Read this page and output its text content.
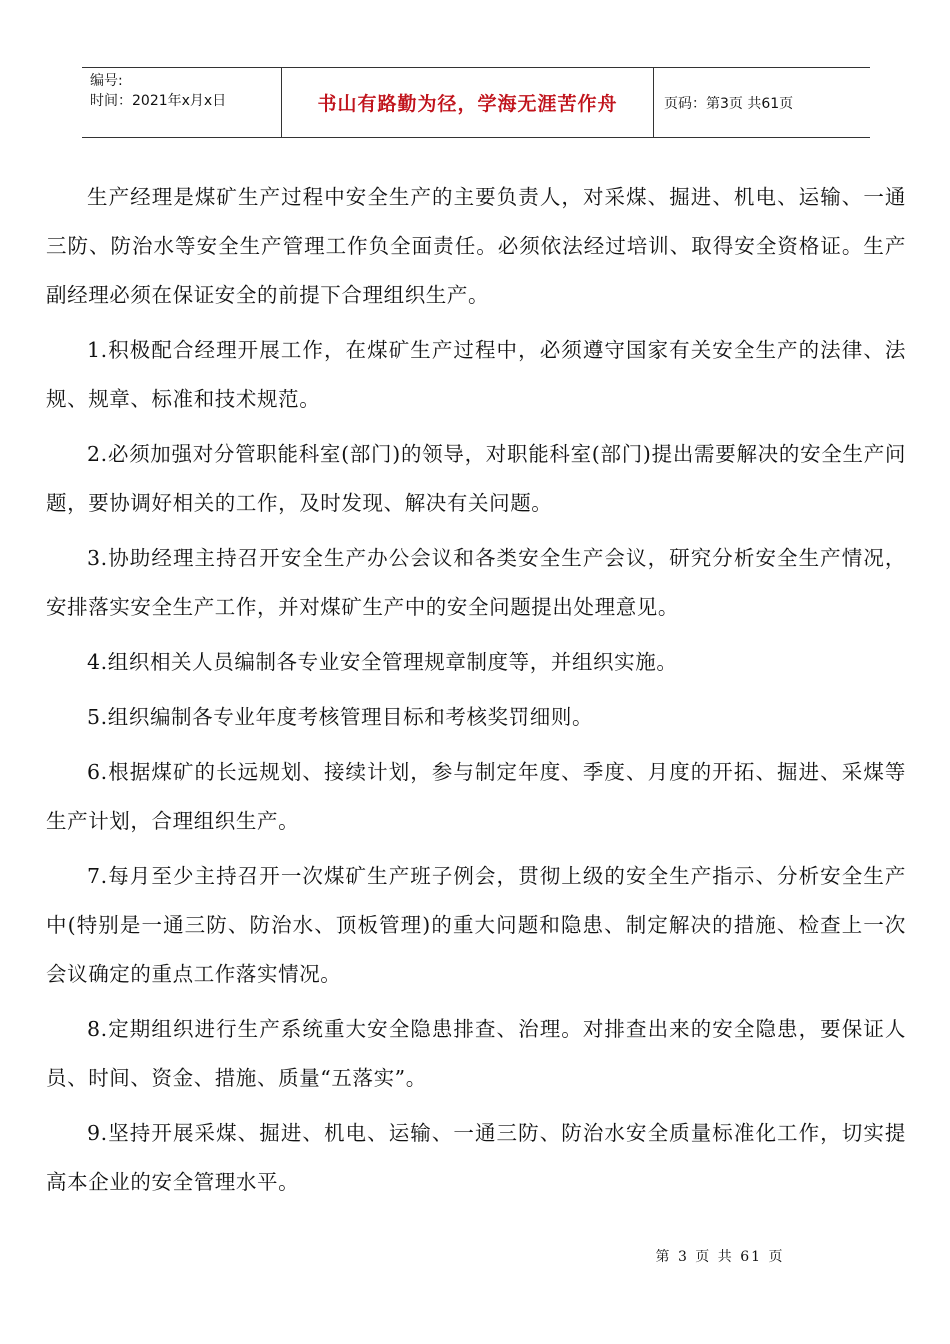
编号:
时间：2021年x月x日	书山有路勤为径，学海无涯苦作舟	页码：第3页 共61页

生产经理是煤矿生产过程中安全生产的主要负责人，对采煤、掘进、机电、运输、一通三防、防治水等安全生产管理工作负全面责任。必须依法经过培训、取得安全资格证。生产副经理必须在保证安全的前提下合理组织生产。

1.积极配合经理开展工作，在煤矿生产过程中，必须遵守国家有关安全生产的法律、法规、规章、标准和技术规范。

2.必须加强对分管职能科室(部门)的领导，对职能科室(部门)提出需要解决的安全生产问题，要协调好相关的工作，及时发现、解决有关问题。

3.协助经理主持召开安全生产办公会议和各类安全生产会议，研究分析安全生产情况，安排落实安全生产工作，并对煤矿生产中的安全问题提出处理意见。

4.组织相关人员编制各专业安全管理规章制度等，并组织实施。

5.组织编制各专业年度考核管理目标和考核奖罚细则。

6.根据煤矿的长远规划、接续计划，参与制定年度、季度、月度的开拓、掘进、采煤等生产计划，合理组织生产。

7.每月至少主持召开一次煤矿生产班子例会，贯彻上级的安全生产指示、分析安全生产中(特别是一通三防、防治水、顶板管理)的重大问题和隐患、制定解决的措施、检查上一次会议确定的重点工作落实情况。

8.定期组织进行生产系统重大安全隐患排查、治理。对排查出来的安全隐患，要保证人员、时间、资金、措施、质量“五落实”。

9.坚持开展采煤、掘进、机电、运输、一通三防、防治水安全质量标准化工作，切实提高本企业的安全管理水平。

第 3 页 共 61 页
